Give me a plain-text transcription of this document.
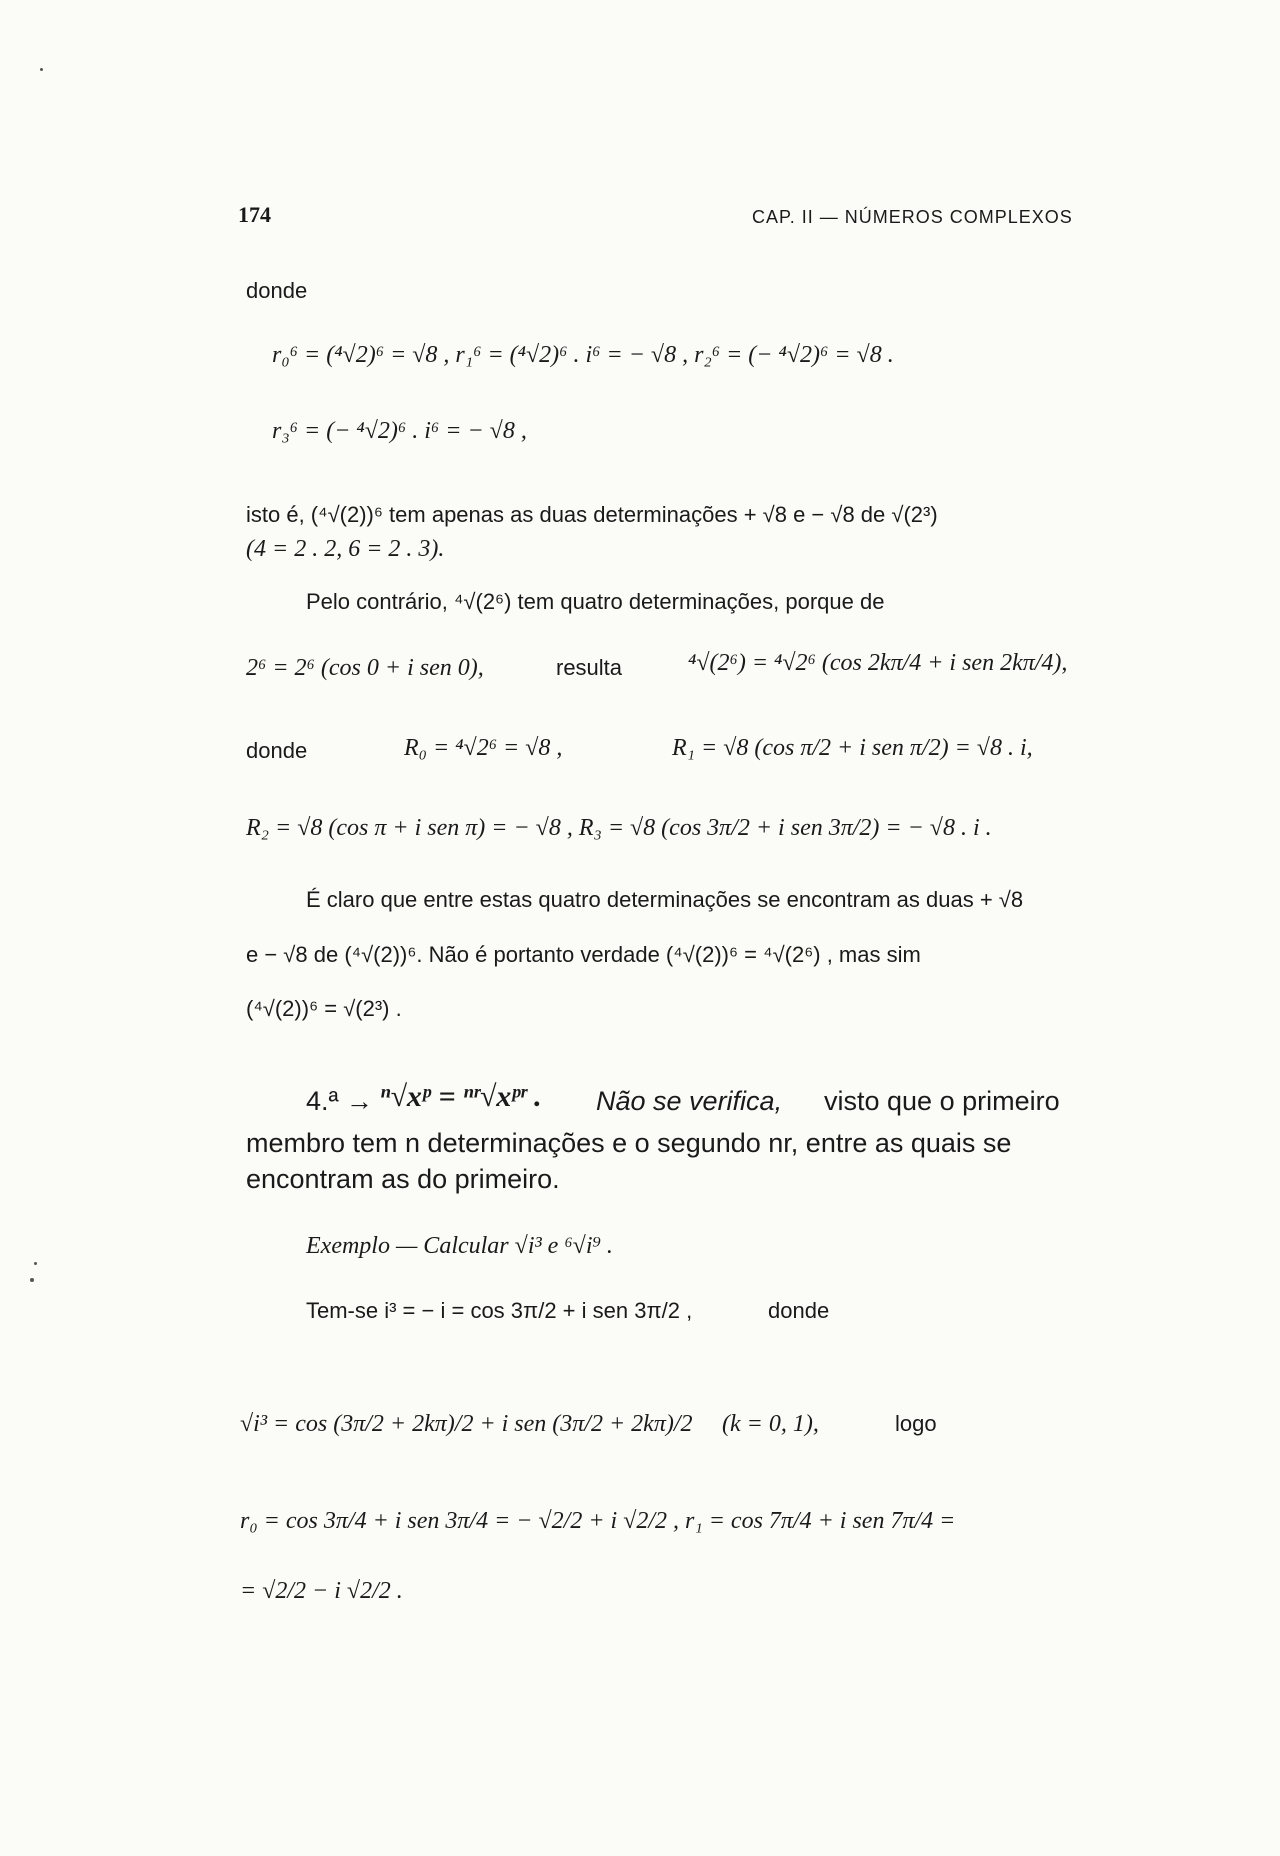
174	CAP. II — NÚMEROS COMPLEXOS
donde
r₀⁶ = (⁴√2)⁶ = √8 , r₁⁶ = (⁴√2)⁶ . i⁶ = − √8 , r₂⁶ = (− ⁴√2)⁶ = √8 .
r₃⁶ = (− ⁴√2)⁶ . i⁶ = − √8 ,
isto é, (⁴√(2))⁶ tem apenas as duas determinações + √8 e − √8 de √(2³)
(4 = 2 . 2, 6 = 2 . 3).
Pelo contrário, ⁴√(2⁶) tem quatro determinações, porque de
2⁶ = 2⁶ (cos 0 + i sen 0),	resulta	⁴√(2⁶) = ⁴√2⁶ (cos 2kπ/4 + i sen 2kπ/4),
donde	R₀ = ⁴√2⁶ = √8 ,	R₁ = √8 (cos π/2 + i sen π/2) = √8 . i,
R₂ = √8 (cos π + i sen π) = − √8 , R₃ = √8 (cos 3π/2 + i sen 3π/2) = − √8 . i .
É claro que entre estas quatro determinações se encontram as duas + √8
e − √8 de (⁴√(2))⁶. Não é portanto verdade (⁴√(2))⁶ = ⁴√(2⁶) , mas sim
(⁴√(2))⁶ = √(2³) .
4.ª → ⁿ√xᵖ = ⁿʳ√xᵖʳ . Não se verifica, visto que o primeiro
membro tem n determinações e o segundo nr, entre as quais se
encontram as do primeiro.
Exemplo — Calcular √i³ e ⁶√i⁹ .
Tem-se i³ = − i = cos 3π/2 + i sen 3π/2 ,	donde
√i³ = cos (3π/2 + 2kπ)/2 + i sen (3π/2 + 2kπ)/2 (k = 0, 1),	logo
r₀ = cos 3π/4 + i sen 3π/4 = − √2/2 + i √2/2 , r₁ = cos 7π/4 + i sen 7π/4 =
= √2/2 − i √2/2 .
